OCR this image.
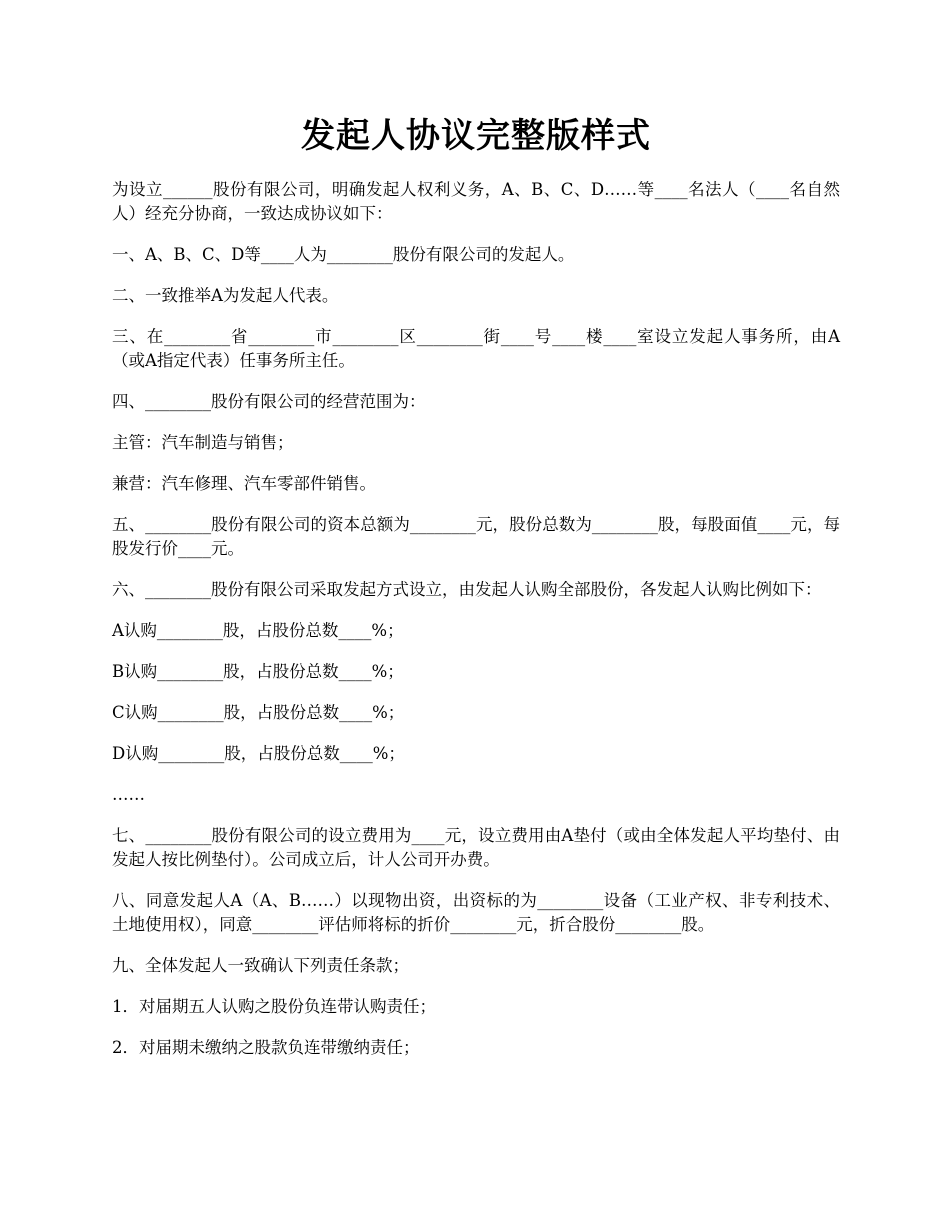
发起人协议完整版样式

为设立______股份有限公司，明确发起人权利义务，A、B、C、D……等____名法人（____名自然人）经充分协商，一致达成协议如下：

一、A、B、C、D等____人为________股份有限公司的发起人。

二、一致推举A为发起人代表。

三、在________省________市________区________街____号____楼____室设立发起人事务所，由A（或A指定代表）任事务所主任。

四、________股份有限公司的经营范围为：

主管：汽车制造与销售；

兼营：汽车修理、汽车零部件销售。

五、________股份有限公司的资本总额为________元，股份总数为________股，每股面值____元，每股发行价____元。

六、________股份有限公司采取发起方式设立，由发起人认购全部股份，各发起人认购比例如下：

A认购________股，占股份总数____%；

B认购________股，占股份总数____%；

C认购________股，占股份总数____%；

D认购________股，占股份总数____%；

……

七、________股份有限公司的设立费用为____元，设立费用由A垫付（或由全体发起人平均垫付、由发起人按比例垫付）。公司成立后，计人公司开办费。

八、同意发起人A（A、B……）以现物出资，出资标的为________设备（工业产权、非专利技术、土地使用权），同意________评估师将标的折价________元，折合股份________股。

九、全体发起人一致确认下列责任条款；

1．对届期五人认购之股份负连带认购责任；

2．对届期未缴纳之股款负连带缴纳责任；
